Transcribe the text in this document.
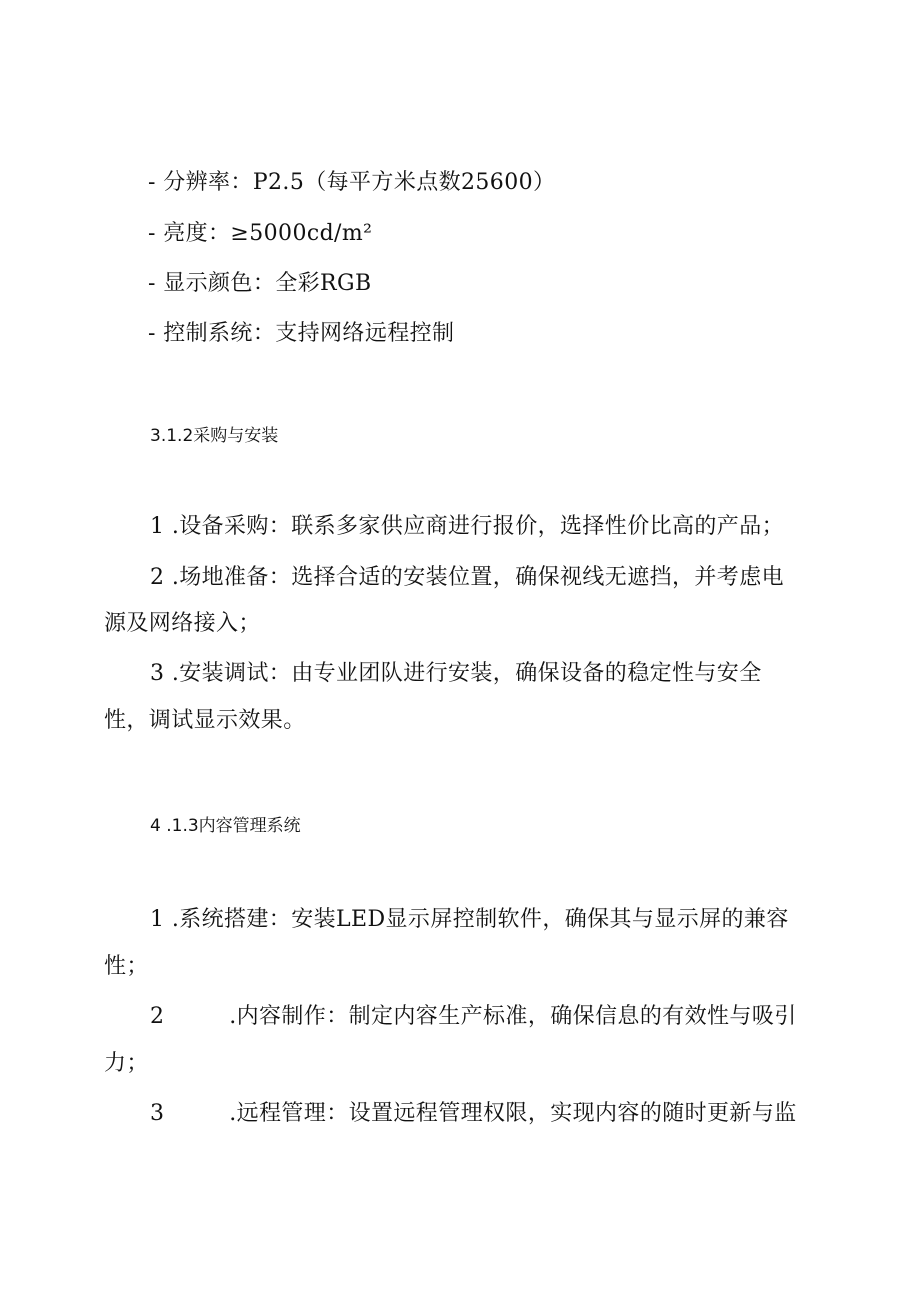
- 分辨率：P2.5（每平方米点数25600）
- 亮度：≥5000cd/m²
- 显示颜色：全彩RGB
- 控制系统：支持网络远程控制
3.1.2采购与安装
1 .设备采购：联系多家供应商进行报价，选择性价比高的产品；
2 .场地准备：选择合适的安装位置，确保视线无遮挡，并考虑电
源及网络接入；
3 .安装调试：由专业团队进行安装，确保设备的稳定性与安全
性，调试显示效果。
4 .1.3内容管理系统
1 .系统搭建：安装LED显示屏控制软件，确保其与显示屏的兼容
性；
2	.内容制作：制定内容生产标准，确保信息的有效性与吸引
力；
3	.远程管理：设置远程管理权限，实现内容的随时更新与监
